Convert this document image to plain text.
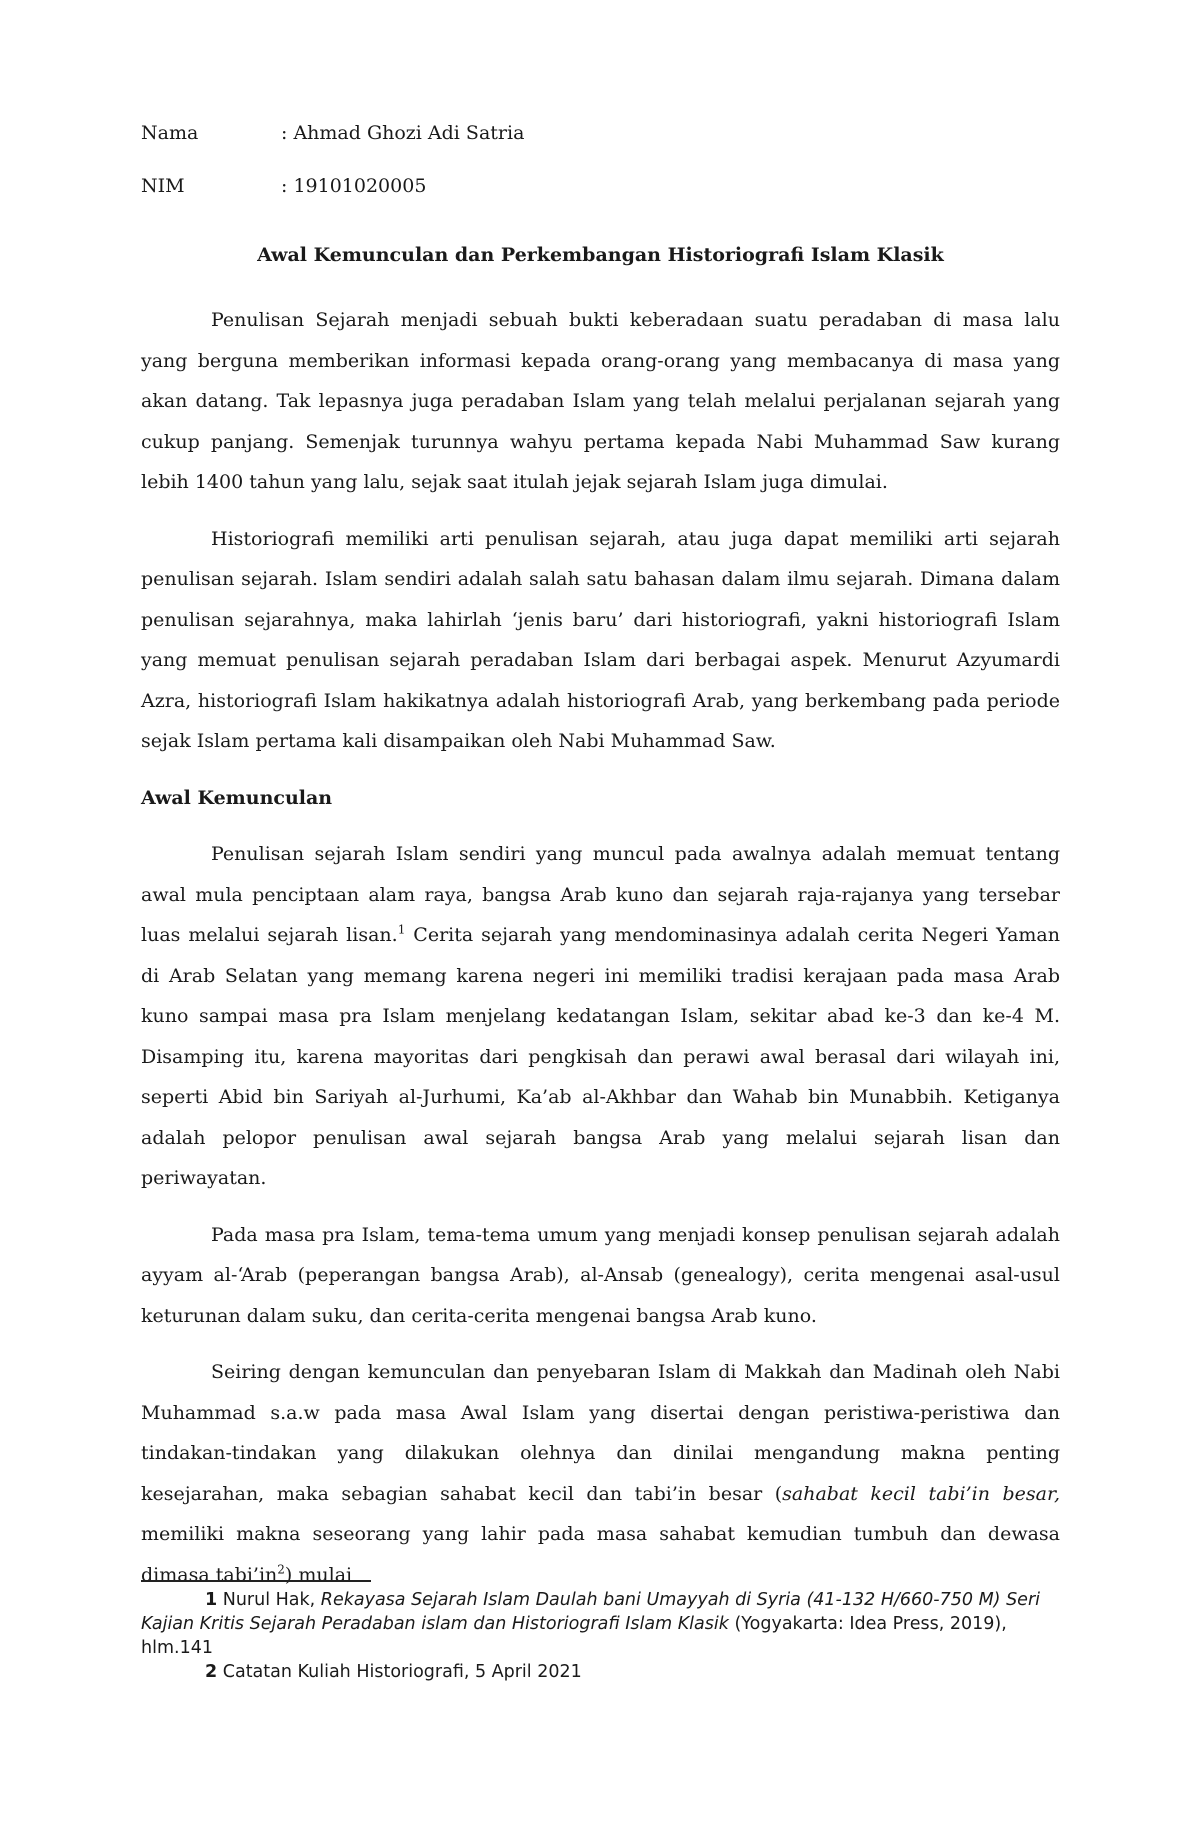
Nama	: Ahmad Ghozi Adi Satria
NIM	: 19101020005
Awal Kemunculan dan Perkembangan Historiografi Islam Klasik

Penulisan Sejarah menjadi sebuah bukti keberadaan suatu peradaban di masa lalu yang berguna memberikan informasi kepada orang-orang yang membacanya di masa yang akan datang. Tak lepasnya juga peradaban Islam yang telah melalui perjalanan sejarah yang cukup panjang. Semenjak turunnya wahyu pertama kepada Nabi Muhammad Saw kurang lebih 1400 tahun yang lalu, sejak saat itulah jejak sejarah Islam juga dimulai.

Historiografi memiliki arti penulisan sejarah, atau juga dapat memiliki arti sejarah penulisan sejarah. Islam sendiri adalah salah satu bahasan dalam ilmu sejarah. Dimana dalam penulisan sejarahnya, maka lahirlah ‘jenis baru’ dari historiografi, yakni historiografi Islam yang memuat penulisan sejarah peradaban Islam dari berbagai aspek. Menurut Azyumardi Azra, historiografi Islam hakikatnya adalah historiografi Arab, yang berkembang pada periode sejak Islam pertama kali disampaikan oleh Nabi Muhammad Saw.

Awal Kemunculan

Penulisan sejarah Islam sendiri yang muncul pada awalnya adalah memuat tentang awal mula penciptaan alam raya, bangsa Arab kuno dan sejarah raja-rajanya yang tersebar luas melalui sejarah lisan.$^1$ Cerita sejarah yang mendominasinya adalah cerita Negeri Yaman di Arab Selatan yang memang karena negeri ini memiliki tradisi kerajaan pada masa Arab kuno sampai masa pra Islam menjelang kedatangan Islam, sekitar abad ke-3 dan ke-4 M. Disamping itu, karena mayoritas dari pengkisah dan perawi awal berasal dari wilayah ini, seperti Abid bin Sariyah al-Jurhumi, Ka’ab al-Akhbar dan Wahab bin Munabbih. Ketiganya adalah pelopor penulisan awal sejarah bangsa Arab yang melalui sejarah lisan dan periwayatan.

Pada masa pra Islam, tema-tema umum yang menjadi konsep penulisan sejarah adalah ayyam al-‘Arab (peperangan bangsa Arab), al-Ansab (genealogy), cerita mengenai asal-usul keturunan dalam suku, dan cerita-cerita mengenai bangsa Arab kuno.

Seiring dengan kemunculan dan penyebaran Islam di Makkah dan Madinah oleh Nabi Muhammad s.a.w pada masa Awal Islam yang disertai dengan peristiwa-peristiwa dan tindakan-tindakan yang dilakukan olehnya dan dinilai mengandung makna penting kesejarahan, maka sebagian sahabat kecil dan tabi’in besar (sahabat kecil tabi’in besar, memiliki makna seseorang yang lahir pada masa sahabat kemudian tumbuh dan dewasa dimasa $tabi’in^2$) mulai

1 Nurul Hak, Rekayasa Sejarah Islam Daulah bani Umayyah di Syria (41-132 H/660-750 M) Seri Kajian Kritis Sejarah Peradaban islam dan Historiografi Islam Klasik (Yogyakarta: Idea Press, 2019), hlm.141

2 Catatan Kuliah Historiografi, 5 April 2021
